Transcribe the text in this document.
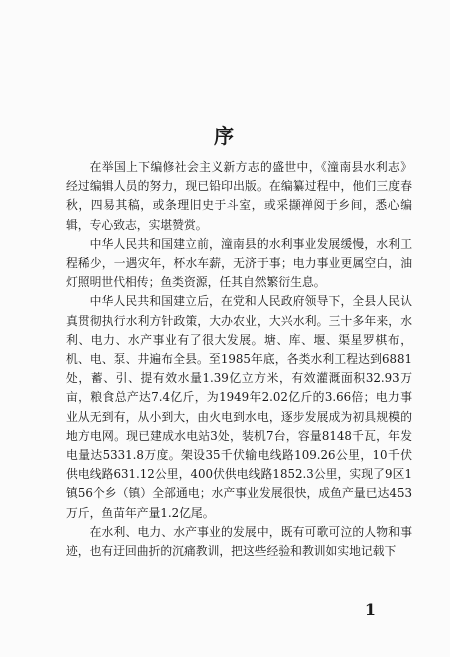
序

在举国上下编修社会主义新方志的盛世中，《潼南县水利志》经过编辑人员的努力，现已铅印出版。在编纂过程中，他们三度春秋，四易其稿，或条理旧史于斗室，或采撷禅阅于乡间，悉心编辑，专心致志，实堪赞赏。

中华人民共和国建立前，潼南县的水利事业发展缓慢，水利工程稀少，一遇灾年，杯水车薪，无济于事；电力事业更属空白，油灯照明世代相传；鱼类资源，任其自然繁衍生息。

中华人民共和国建立后，在党和人民政府领导下，全县人民认真贯彻执行水利方针政策，大办农业，大兴水利。三十多年来，水利、电力、水产事业有了很大发展。塘、库、堰、渠星罗棋布，机、电、泵、井遍布全县。至1985年底，各类水利工程达到6881处，蓄、引、提有效水量1.39亿立方米，有效灌溉面积32.93万亩，粮食总产达7.4亿斤，为1949年2.02亿斤的3.66倍；电力事业从无到有，从小到大，由火电到水电，逐步发展成为初具规模的地方电网。现已建成水电站3处，装机7台，容量8148千瓦，年发电量达5331.8万度。架设35千伏输电线路109.26公里，10千伏供电线路631.12公里，400伏供电线路1852.3公里，实现了9区1镇56个乡（镇）全部通电；水产事业发展很快，成鱼产量已达453万斤，鱼苗年产量1.2亿尾。

在水利、电力、水产事业的发展中，既有可歌可泣的人物和事迹，也有迂回曲折的沉痛教训，把这些经验和教训如实地记载下

1
